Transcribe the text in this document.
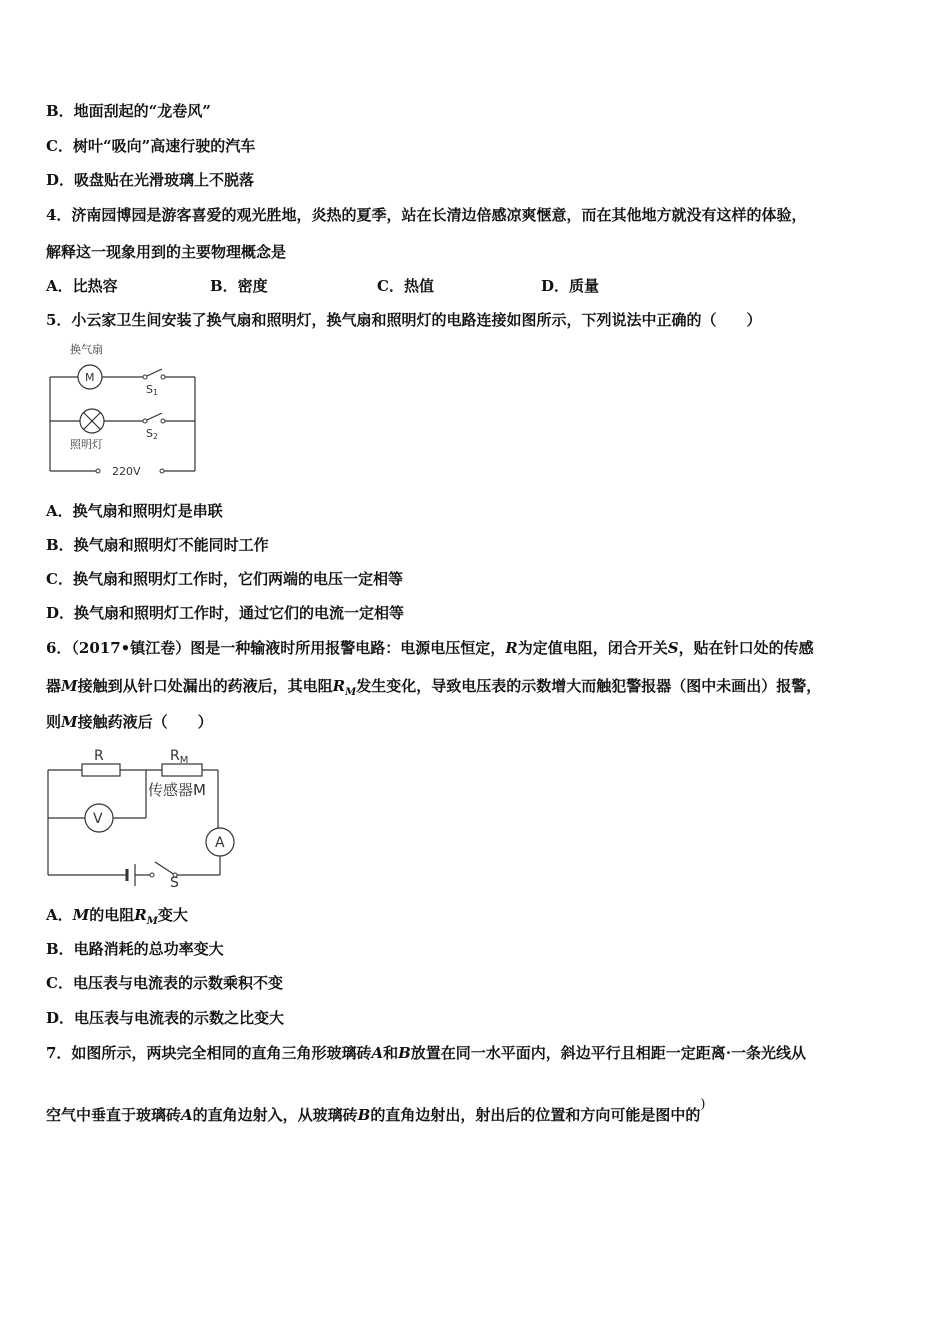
B．地面刮起的“龙卷风”
C．树叶“吸向”高速行驶的汽车
D．吸盘贴在光滑玻璃上不脱落
4．济南园博园是游客喜爱的观光胜地，炎热的夏季，站在长清边倍感凉爽惬意，而在其他地方就没有这样的体验，
解释这一现象用到的主要物理概念是
A．比热容	B．密度	C．热值	D．质量
5．小云家卫生间安装了换气扇和照明灯，换气扇和照明灯的电路连接如图所示，下列说法中正确的（　　）
换气扇
M
S1
S2
照明灯
220V
A．换气扇和照明灯是串联
B．换气扇和照明灯不能同时工作
C．换气扇和照明灯工作时，它们两端的电压一定相等
D．换气扇和照明灯工作时，通过它们的电流一定相等
6．（2017•镇江卷）图是一种输液时所用报警电路：电源电压恒定，R为定值电阻，闭合开关S，贴在针口处的传感
器M接触到从针口处漏出的药液后，其电阻$R_M$发生变化，导致电压表的示数增大而触犯警报器（图中未画出）报警，
则M接触药液后（　　）
R	$R_M$
传感器M
V
A
S
A．M的电阻$R_M$变大
B．电路消耗的总功率变大
C．电压表与电流表的示数乘积不变
D．电压表与电流表的示数之比变大
7．如图所示，两块完全相同的直角三角形玻璃砖A和B放置在同一水平面内，斜边平行且相距一定距离·一条光线从
空气中垂直于玻璃砖A的直角边射入，从玻璃砖B的直角边射出，射出后的位置和方向可能是图中的)
